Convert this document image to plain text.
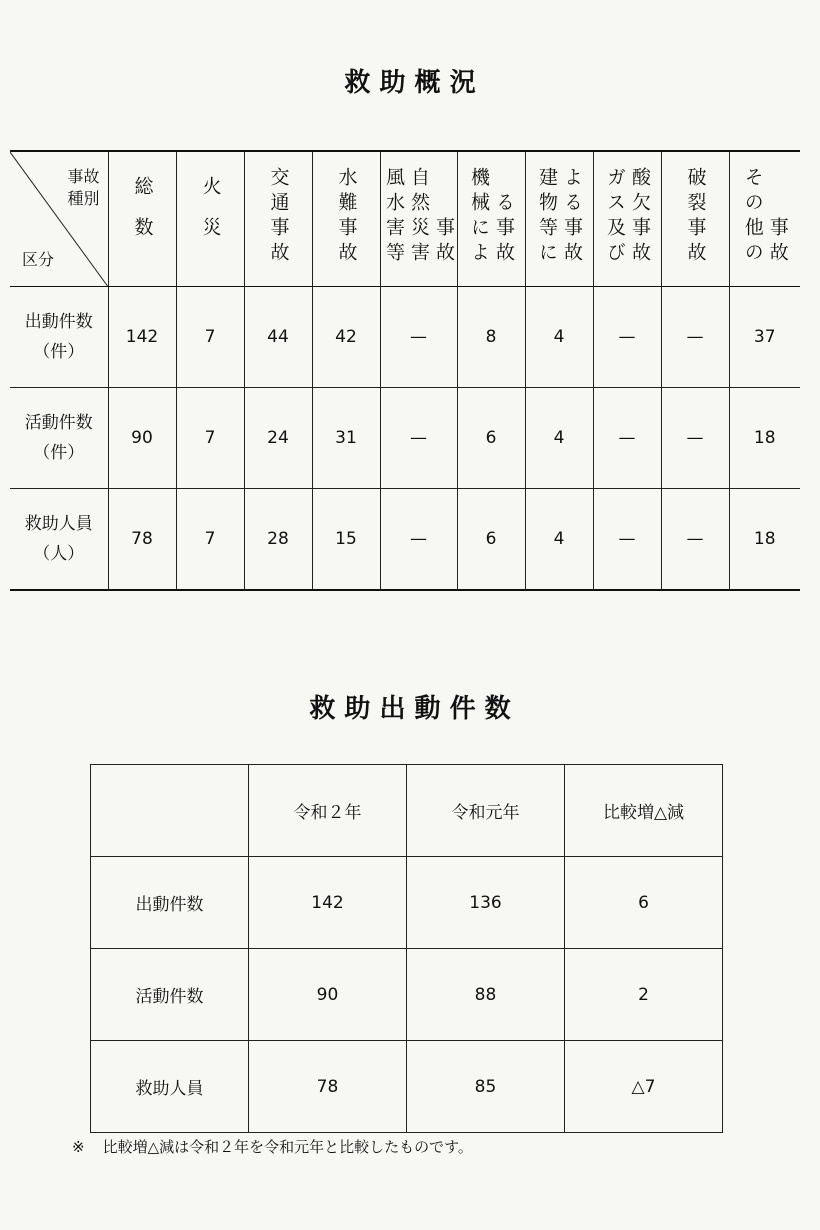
救 助 概 況
事故
種別
区分	総数	火災	交通事故	水難事故	風水害等 自然災害 事故	機械によ る事故	建物等に よる事故	ガス及び 酸欠事故	破裂事故	その他の 事故

出動件数
（件）	142	7	44	42	—	8	4	—	—	37

活動件数
（件）	90	7	24	31	—	6	4	—	—	18

救助人員
（人）	78	7	28	15	—	6	4	—	—	18
救 助 出 動 件 数
	令和２年	令和元年	比較増△減
出動件数	142	136	6
活動件数	90	88	2
救助人員	78	85	△7
※ 比較増△減は令和２年を令和元年と比較したものです。
